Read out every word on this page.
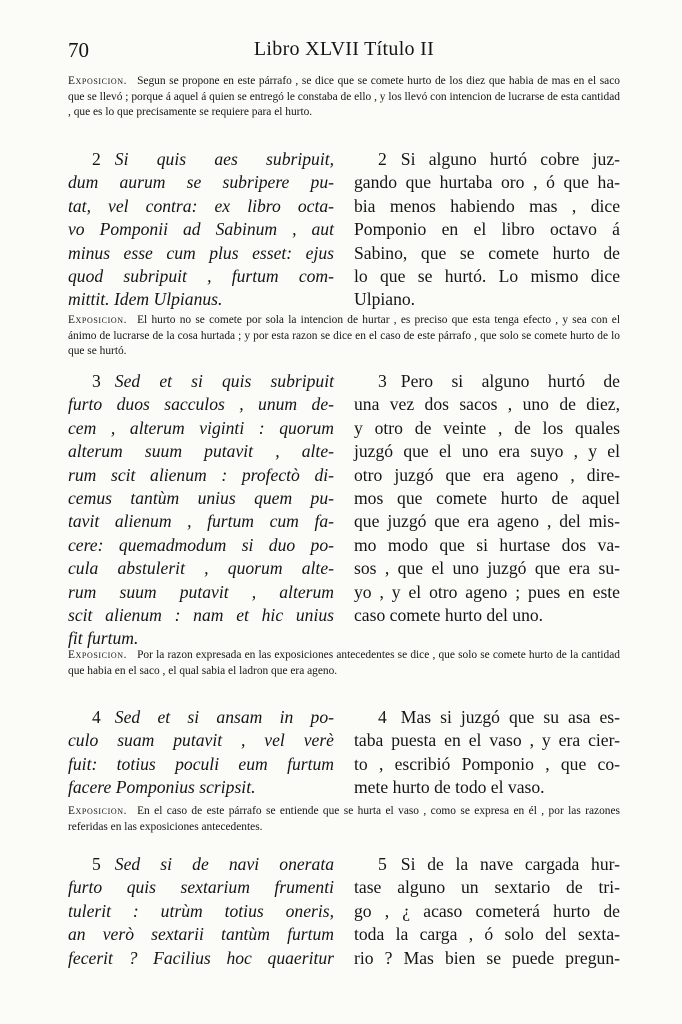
70	Libro XLVII Título II
Exposicion. Segun se propone en este párrafo , se dice que se comete hurto de los diez que habia de mas en el saco que se llevó ; porque á aquel á quien se entregó le constaba de ello , y los llevó con intencion de lucrarse de esta cantidad , que es lo que precisamente se requiere para el hurto.
2 Si quis aes subripuit,
dum aurum se subripere pu-
tat, vel contra: ex libro octa-
vo Pomponii ad Sabinum , aut
minus esse cum plus esset: ejus
quod subripuit , furtum com-
mittit. Idem Ulpianus.
2 Si alguno hurtó cobre juz-
gando que hurtaba oro , ó que ha-
bia menos habiendo mas , dice
Pomponio en el libro octavo á
Sabino, que se comete hurto de
lo que se hurtó. Lo mismo dice
Ulpiano.
Exposicion. El hurto no se comete por sola la intencion de hurtar , es preciso que esta tenga efecto , y sea con el ánimo de lucrarse de la cosa hurtada ; y por esta razon se dice en el caso de este párrafo , que solo se comete hurto de lo que se hurtó.
3 Sed et si quis subripuit
furto duos sacculos , unum de-
cem , alterum viginti : quorum
alterum suum putavit , alte-
rum scit alienum : profectò di-
cemus tantùm unius quem pu-
tavit alienum , furtum cum fa-
cere: quemadmodum si duo po-
cula abstulerit , quorum alte-
rum suum putavit , alterum
scit alienum : nam et hic unius
fit furtum.
3 Pero si alguno hurtó de
una vez dos sacos , uno de diez,
y otro de veinte , de los quales
juzgó que el uno era suyo , y el
otro juzgó que era ageno , dire-
mos que comete hurto de aquel
que juzgó que era ageno , del mis-
mo modo que si hurtase dos va-
sos , que el uno juzgó que era su-
yo , y el otro ageno ; pues en este
caso comete hurto del uno.
Exposicion. Por la razon expresada en las exposiciones antecedentes se dice , que solo se comete hurto de la cantidad que habia en el saco , el qual sabia el ladron que era ageno.
4 Sed et si ansam in po-
culo suam putavit , vel verè
fuit: totius poculi eum furtum
facere Pomponius scripsit.
4 Mas si juzgó que su asa es-
taba puesta en el vaso , y era cier-
to , escribió Pomponio , que co-
mete hurto de todo el vaso.
Exposicion. En el caso de este párrafo se entiende que se hurta el vaso , como se expresa en él , por las razones referidas en las exposiciones antecedentes.
5 Sed si de navi onerata
furto quis sextarium frumenti
tulerit : utrùm totius oneris,
an verò sextarii tantùm furtum
fecerit ? Facilius hoc quaeritur
5 Si de la nave cargada hur-
tase alguno un sextario de tri-
go , ¿ acaso cometerá hurto de
toda la carga , ó solo del sexta-
rio ? Mas bien se puede pregun-
